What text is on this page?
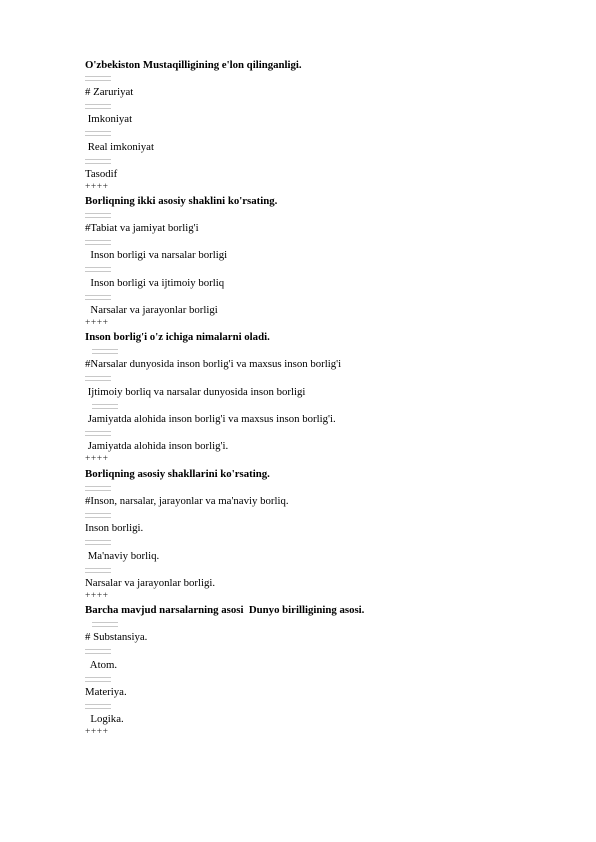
O'zbekiston Mustaqilligining e'lon qilinganligi.
# Zaruriyat
Imkoniyat
Real imkoniyat
Tasodif
++++
Borliqning ikki asosiy shaklini ko'rsating.
#Tabiat va jamiyat borlig'i
Inson borligi va narsalar borligi
Inson borligi va ijtimoiy borliq
Narsalar va jarayonlar borligi
++++
Inson borlig'i o'z ichiga nimalarni oladi.
#Narsalar dunyosida inson borlig'i va maxsus inson borlig'i
Ijtimoiy borliq va narsalar dunyosida inson borligi
Jamiyatda alohida inson borlig'i va maxsus inson borlig'i.
Jamiyatda alohida inson borlig'i.
++++
Borliqning asosiy shakllarini ko'rsating.
#Inson, narsalar, jarayonlar va ma'naviy borliq.
Inson borligi.
Ma'naviy borliq.
Narsalar va jarayonlar borligi.
++++
Barcha mavjud narsalarning asosi  Dunyo birilligining asosi.
# Substansiya.
Atom.
Materiya.
Logika.
++++
